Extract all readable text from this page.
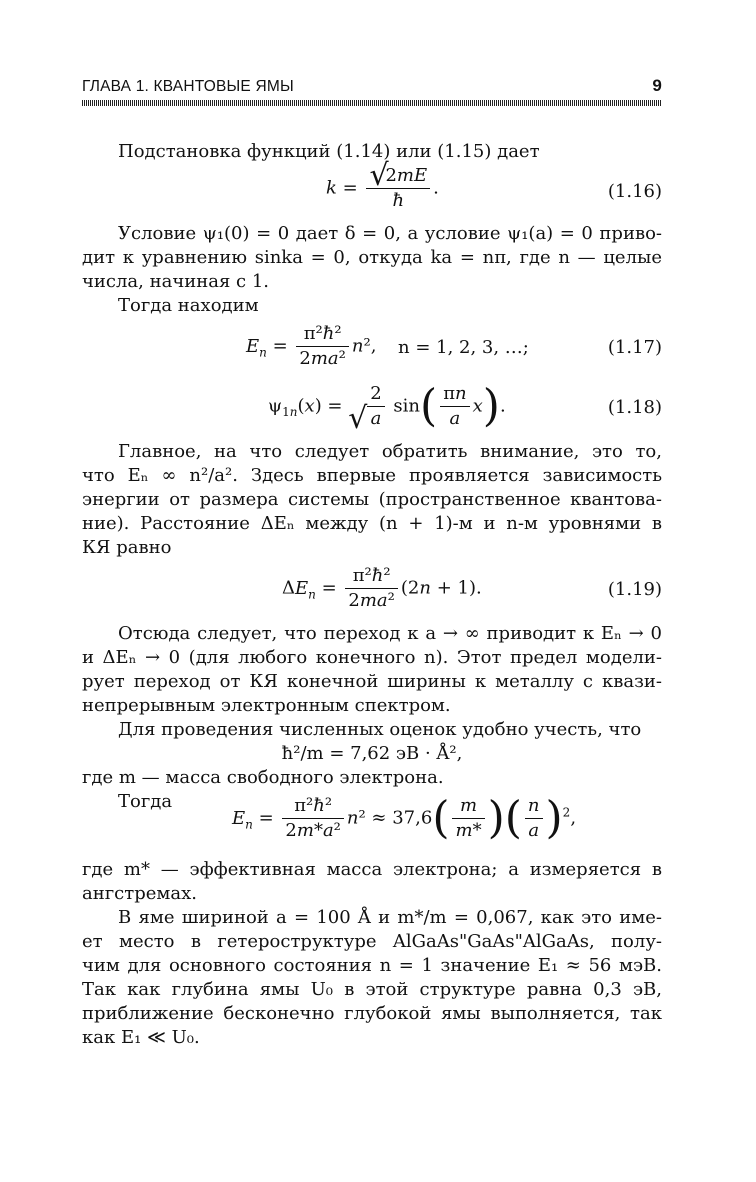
ГЛАВА 1. КВАНТОВЫЕ ЯМЫ	9
Подстановка функций (1.14) или (1.15) дает
k = √ $\frac{2mE}{ħ}$ .	(1.16)
Условие ψ₁(0) = 0 дает δ = 0, а условие ψ₁(a) = 0 приво-
дит к уравнению sinka = 0, откуда ka = nπ, где n — целые
числа, начиная с 1.
Тогда находим
$E_n = \frac{\text{π²ħ²}}{\text{2ma²}} n^2$, n = 1, 2, 3, …;	(1.17)
$\psi_{1n}(x)$ = √ $\frac{2}{a} \sin( \frac{\pi n}{a} x)$.	(1.18)
Главное, на что следует обратить внимание, это то,
что Eₙ ∞ n²/a². Здесь впервые проявляется зависимость
энергии от размера системы (пространственное квантова-
ние). Расстояние ΔEₙ между (n + 1)-м и n-м уровнями в
КЯ равно
$\Delta E_n = \frac{\text{π²ħ²}}{\text{2ma²}} (2n + 1)$.	(1.19)
Отсюда следует, что переход к a → ∞ приводит к Eₙ → 0
и ΔEₙ → 0 (для любого конечного n). Этот предел модели-
рует переход от КЯ конечной ширины к металлу с квази-
непрерывным электронным спектром.
Для проведения численных оценок удобно учесть, что
ħ²/m = 7,62 эВ · Å²,
где m — масса свободного электрона.
Тогда
$E_n = \frac{\text{π²ħ²}}{\text{2m*a²}} n^2 \approx 37,6( \frac{m}{m*}$ )( $\frac{n}{a} )^2$,
где m* — эффективная масса электрона; a измеряется в
ангстремах.
В яме шириной a = 100 Å и m*/m = 0,067, как это име-
ет место в гетероструктуре AlGaAs"GaAs"AlGaAs, полу-
чим для основного состояния n = 1 значение E₁ ≈ 56 мэВ.
Так как глубина ямы U₀ в этой структуре равна 0,3 эВ,
приближение бесконечно глубокой ямы выполняется, так
как E₁ ≪ U₀.
